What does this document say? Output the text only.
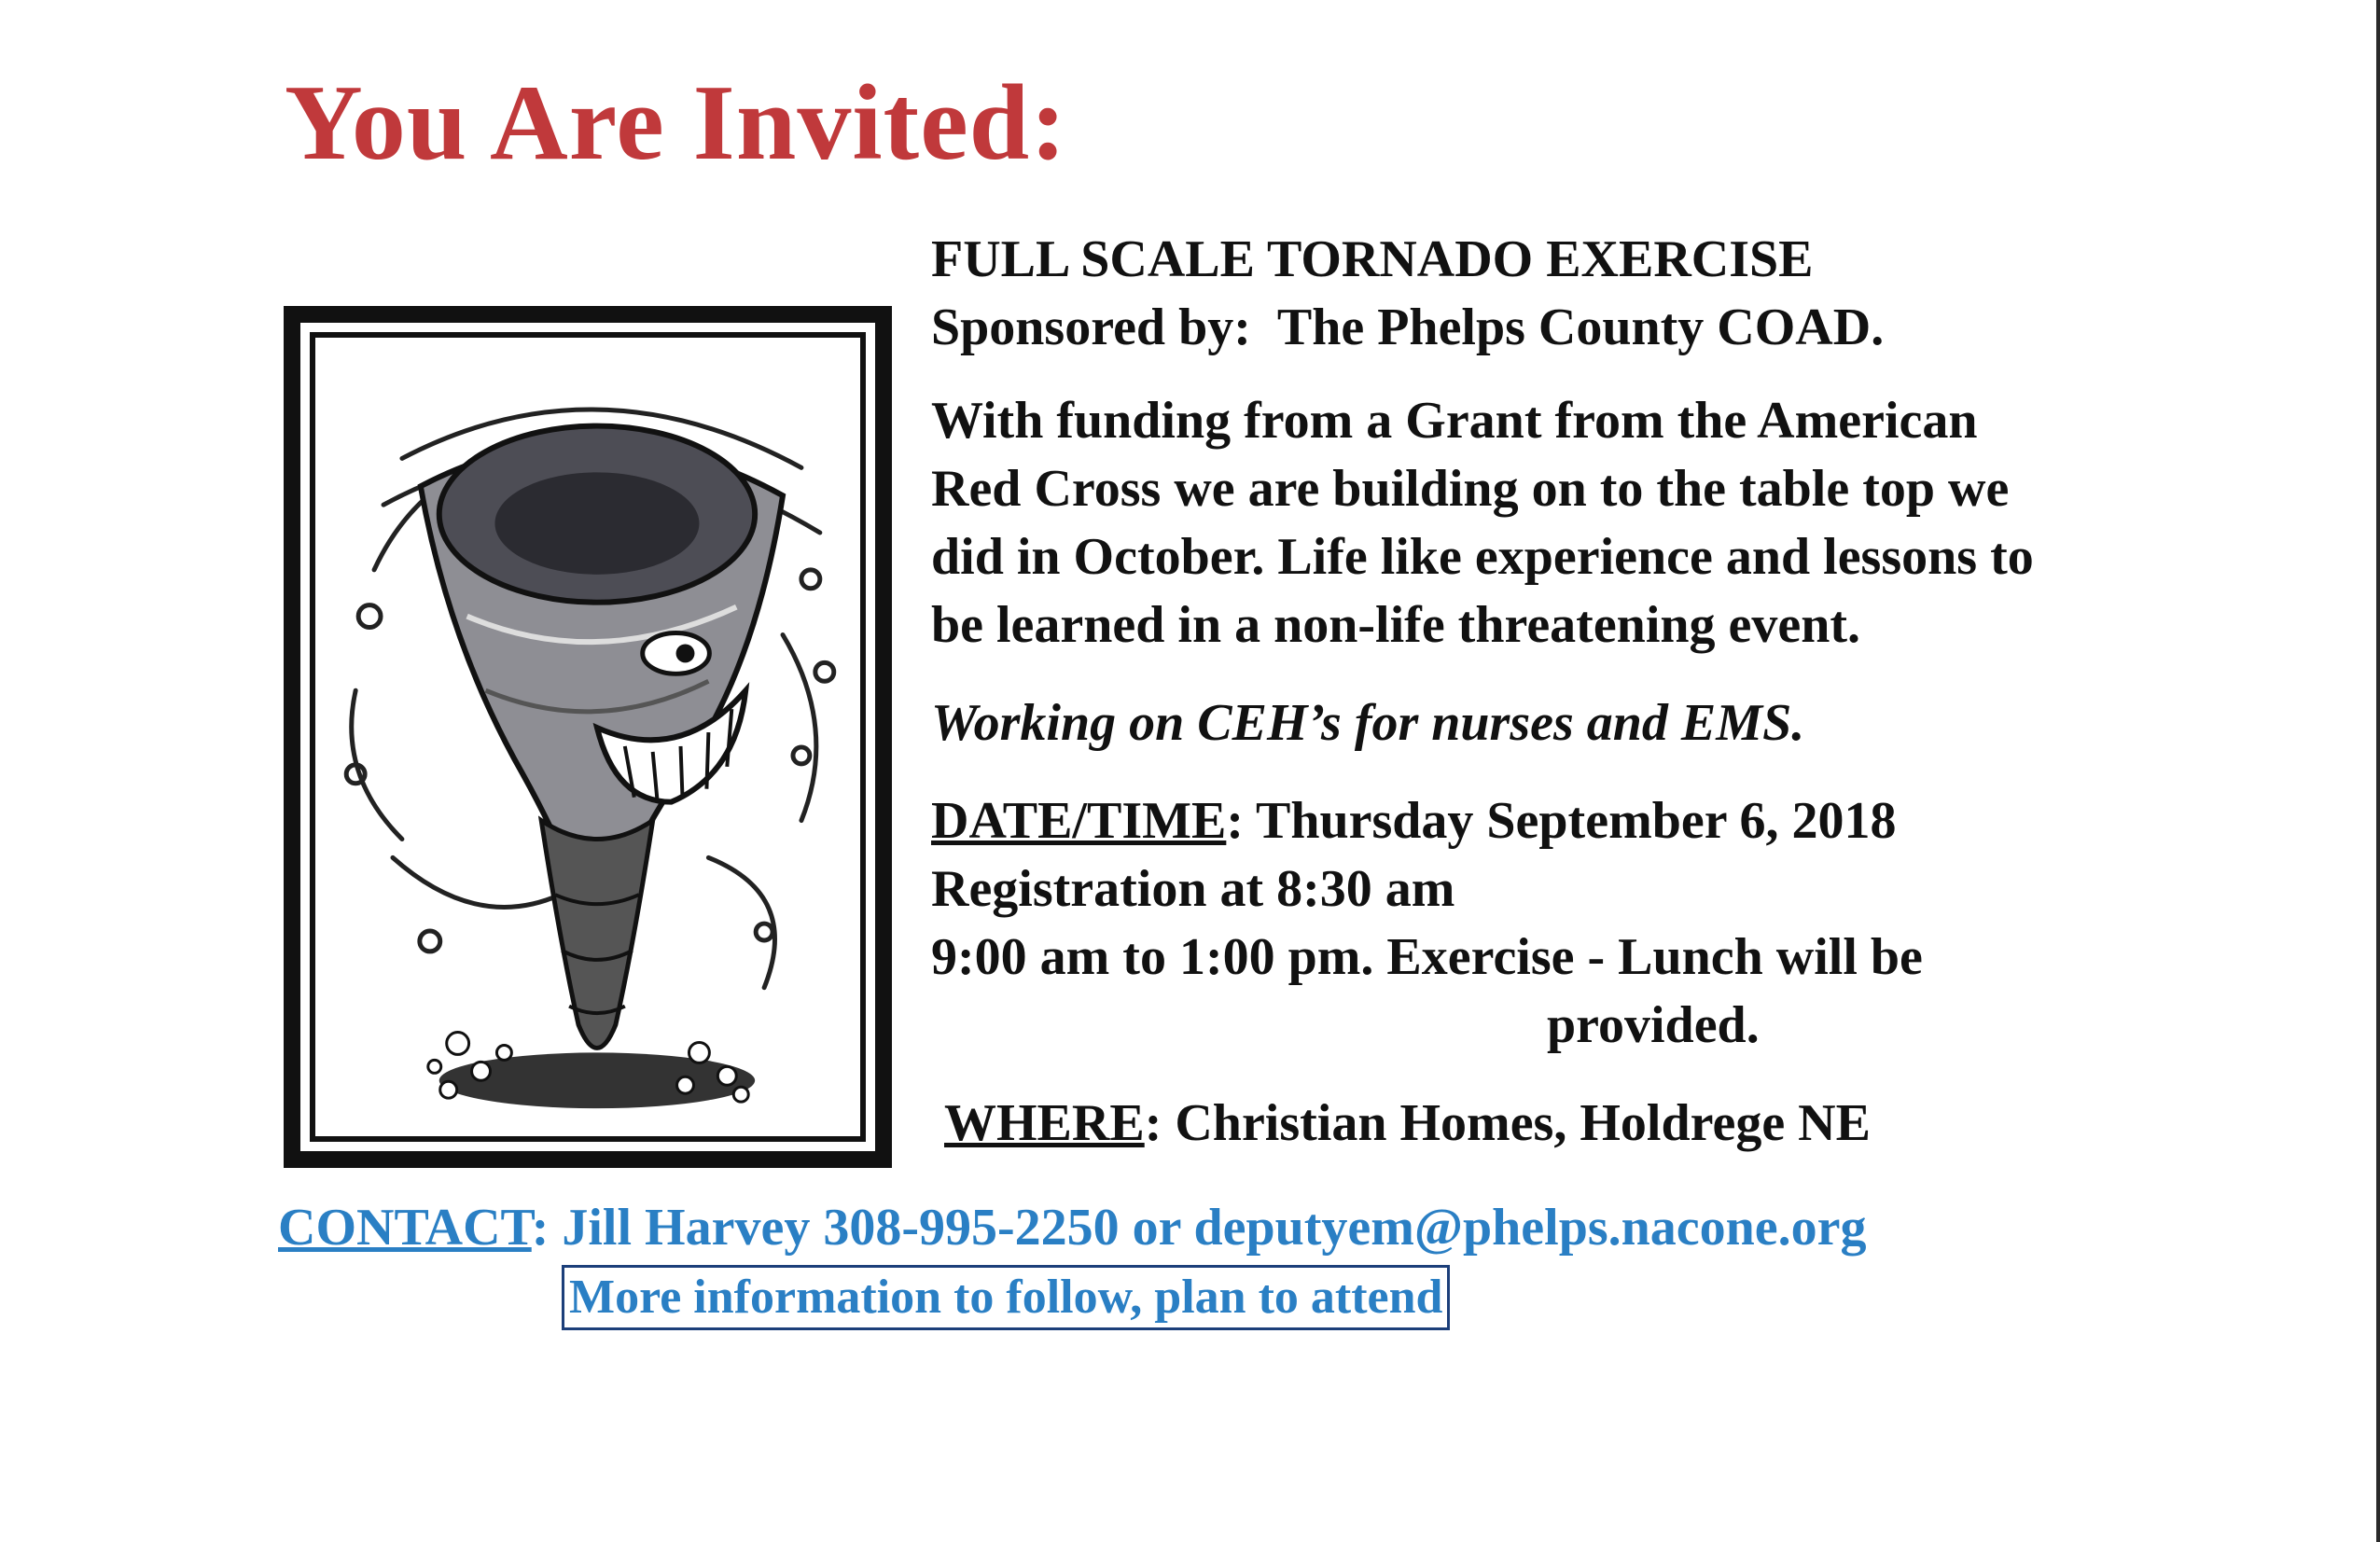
You Are Invited:

FULL SCALE TORNADO EXERCISE

Sponsored by: The Phelps County COAD.

With funding from a Grant from the American

Red Cross we are building on to the table top we

did in October. Life like experience and lessons to

be learned in a non-life threatening event.

Working on CEH’s for nurses and EMS.

DATE/TIME: Thursday September 6, 2018

Registration at 8:30 am

9:00 am to 1:00 pm. Exercise - Lunch will be

provided.

WHERE: Christian Homes, Holdrege NE

CONTACT: Jill Harvey 308-995-2250 or deputyem@phelps.nacone.org

More information to follow, plan to attend
